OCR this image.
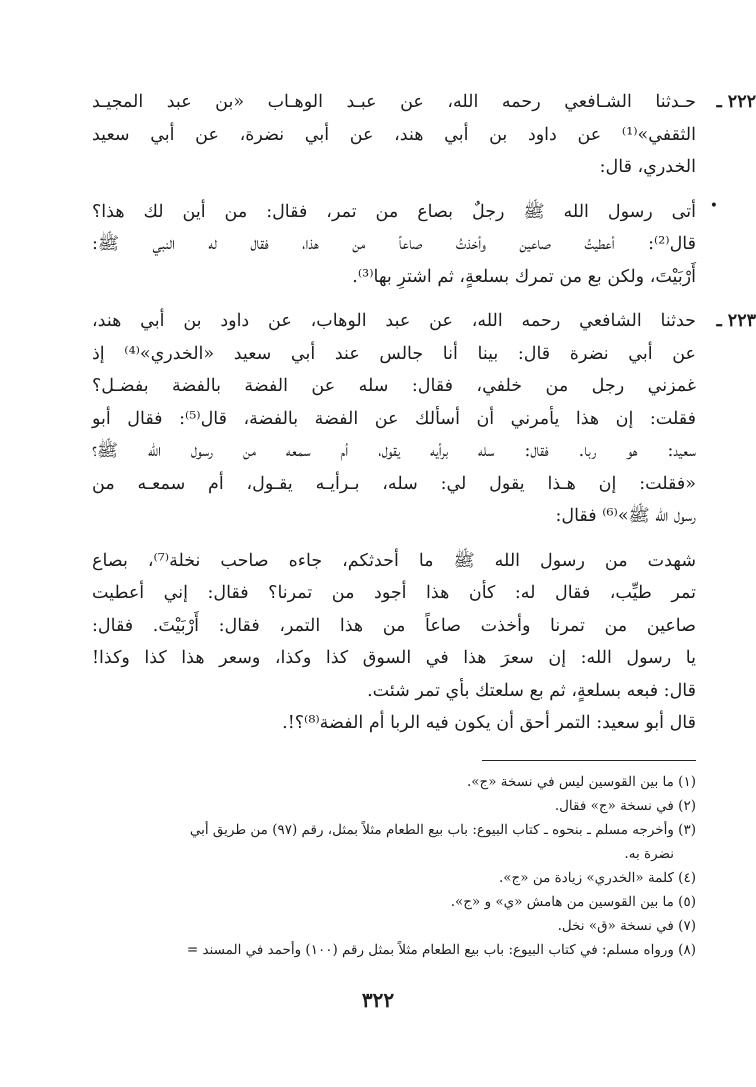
٢٢٢ ـ
حـدثنا الشـافعي رحمه الله، عن عبـد الوهـاب «بن عبد المجيـد
الثقفي»⁽¹⁾ عن داود بن أبي هند، عن أبي نضرة، عن أبي سعيد
الخدري، قال:
•
أتى رسول الله ﷺ رجلٌ بصاع من تمر، فقال: من أين لك هذا؟
قال⁽²⁾: أعطيتُ صاعين وأخذتُ صاعاً من هذا، فقال له النبي ﷺ:
أَرْبَيْتَ، ولكن بع من تمرك بسلعةٍ، ثم اشترِ بها⁽³⁾.
٢٢٣ ـ
حدثنا الشافعي رحمه الله، عن عبد الوهاب، عن داود بن أبي هند،
عن أبي نضرة قال: بينا أنا جالس عند أبي سعيد «الخدري»⁽⁴⁾ إذ
غمزني رجل من خلفي، فقال: سله عن الفضة بالفضة بفضـل؟
فقلت: إن هذا يأمرني أن أسألك عن الفضة بالفضة، قال⁽⁵⁾: فقال أبو
سعيد: هو ربا. فقال: سله برأيه يقول، أم سمعه من رسول الله ﷺ؟
«فقلت: إن هـذا يقول لي: سله، بـرأيـه يقـول، أم سمعـه من
رسول الله ﷺ»⁽⁶⁾ فقال:
شهدت من رسول الله ﷺ ما أحدثكم، جاءه صاحب نخلة⁽⁷⁾، بصاع
تمر طيِّب، فقال له: كأن هذا أجود من تمرنا؟ فقال: إني أعطيت
صاعين من تمرنا وأخذت صاعاً من هذا التمر، فقال: أَرْبَيْتَ. فقال:
يا رسول الله: إن سعرَ هذا في السوق كذا وكذا، وسعر هذا كذا وكذا!
قال: فبعه بسلعةٍ، ثم بع سلعتك بأي تمر شئت.
قال أبو سعيد: التمر أحق أن يكون فيه الربا أم الفضة⁽⁸⁾؟!.
(١) ما بين القوسين ليس في نسخة «ج».
(٢) في نسخة «ج» فقال.
(٣) وأخرجه مسلم ـ بنحوه ـ كتاب البيوع: باب بيع الطعام مثلاً بمثل، رقم (٩٧) من طريق أبي
نضرة به.
(٤) كلمة «الخدري» زيادة من «ج».
(٥) ما بين القوسين من هامش «ي» و «ج».
(٧) في نسخة «ق» نخل.
(٨) ورواه مسلم: في كتاب البيوع: باب بيع الطعام مثلاً بمثل رقم (١٠٠) وأحمد في المسند =
٣٢٢
